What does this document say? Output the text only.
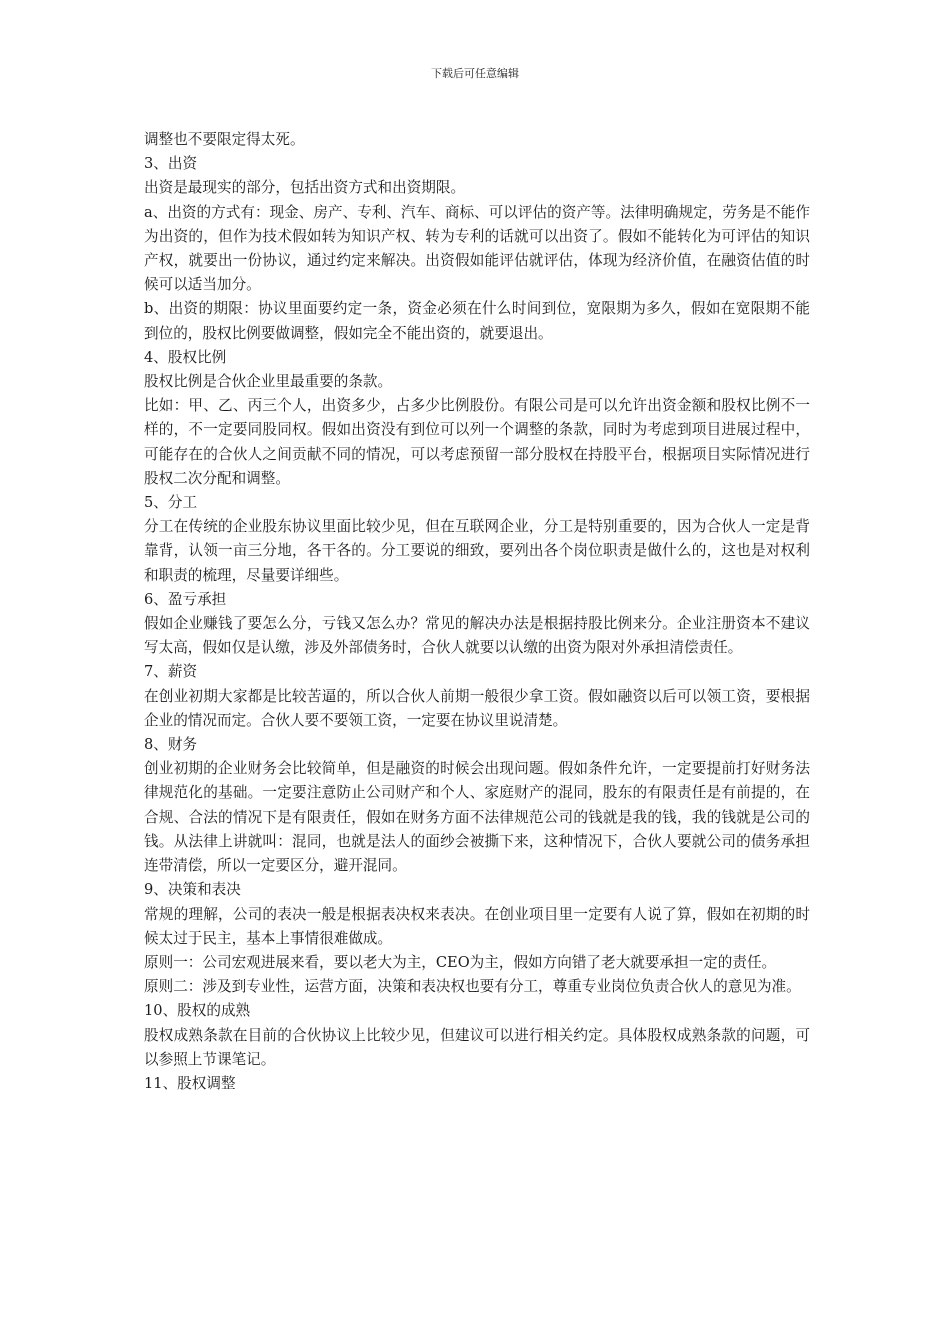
下载后可任意编辑

调整也不要限定得太死。

3、出资

出资是最现实的部分，包括出资方式和出资期限。

a、出资的方式有：现金、房产、专利、汽车、商标、可以评估的资产等。法律明确规定，劳务是不能作为出资的，但作为技术假如转为知识产权、转为专利的话就可以出资了。假如不能转化为可评估的知识产权，就要出一份协议，通过约定来解决。出资假如能评估就评估，体现为经济价值，在融资估值的时候可以适当加分。

b、出资的期限：协议里面要约定一条，资金必须在什么时间到位，宽限期为多久，假如在宽限期不能到位的，股权比例要做调整，假如完全不能出资的，就要退出。

4、股权比例

股权比例是合伙企业里最重要的条款。

比如：甲、乙、丙三个人，出资多少，占多少比例股份。有限公司是可以允许出资金额和股权比例不一样的，不一定要同股同权。假如出资没有到位可以列一个调整的条款，同时为考虑到项目进展过程中，可能存在的合伙人之间贡献不同的情况，可以考虑预留一部分股权在持股平台，根据项目实际情况进行股权二次分配和调整。

5、分工

分工在传统的企业股东协议里面比较少见，但在互联网企业，分工是特别重要的，因为合伙人一定是背靠背，认领一亩三分地，各干各的。分工要说的细致，要列出各个岗位职责是做什么的，这也是对权利和职责的梳理，尽量要详细些。

6、盈亏承担

假如企业赚钱了要怎么分，亏钱又怎么办？常见的解决办法是根据持股比例来分。企业注册资本不建议写太高，假如仅是认缴，涉及外部债务时，合伙人就要以认缴的出资为限对外承担清偿责任。

7、薪资

在创业初期大家都是比较苦逼的，所以合伙人前期一般很少拿工资。假如融资以后可以领工资，要根据企业的情况而定。合伙人要不要领工资，一定要在协议里说清楚。

8、财务

创业初期的企业财务会比较简单，但是融资的时候会出现问题。假如条件允许，一定要提前打好财务法律规范化的基础。一定要注意防止公司财产和个人、家庭财产的混同，股东的有限责任是有前提的，在合规、合法的情况下是有限责任，假如在财务方面不法律规范公司的钱就是我的钱，我的钱就是公司的钱。从法律上讲就叫：混同，也就是法人的面纱会被撕下来，这种情况下，合伙人要就公司的债务承担连带清偿，所以一定要区分，避开混同。

9、决策和表决

常规的理解，公司的表决一般是根据表决权来表决。在创业项目里一定要有人说了算，假如在初期的时候太过于民主，基本上事情很难做成。

原则一：公司宏观进展来看，要以老大为主，CEO为主，假如方向错了老大就要承担一定的责任。

原则二：涉及到专业性，运营方面，决策和表决权也要有分工，尊重专业岗位负责合伙人的意见为准。

10、股权的成熟

股权成熟条款在目前的合伙协议上比较少见，但建议可以进行相关约定。具体股权成熟条款的问题，可以参照上节课笔记。

11、股权调整
